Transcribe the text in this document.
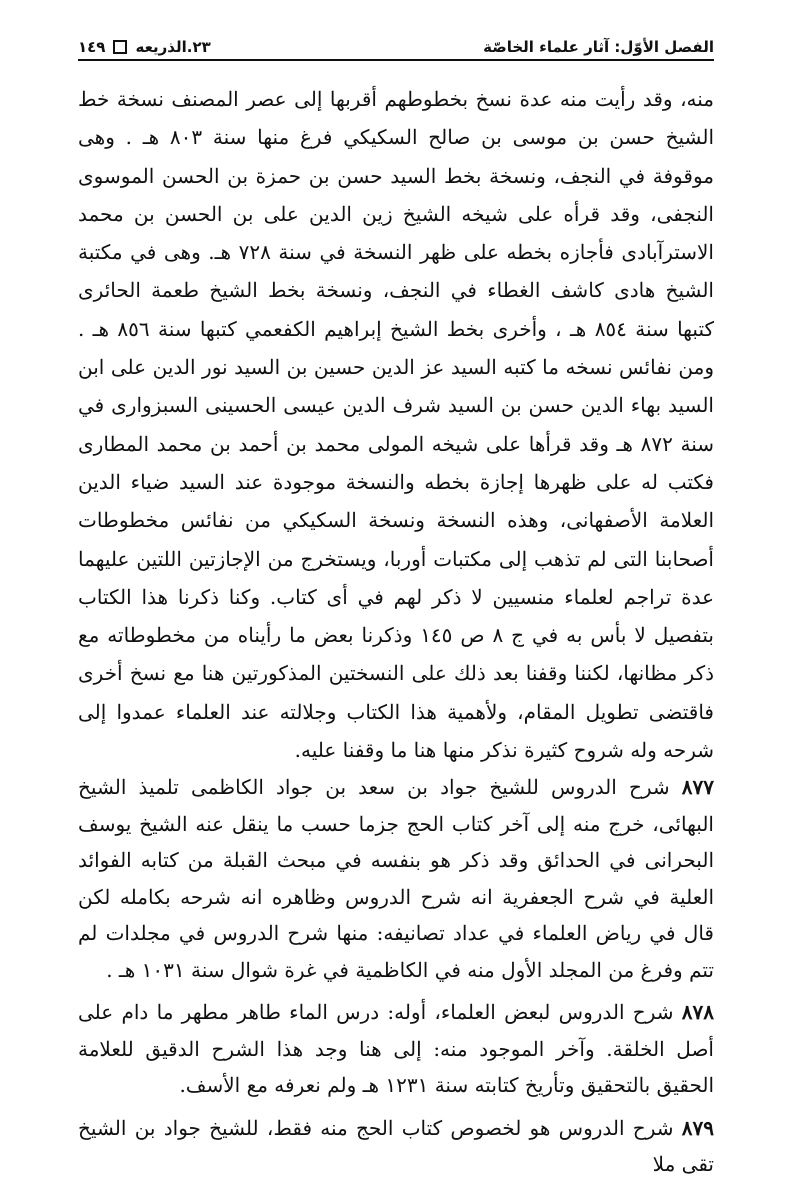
الفصل الأوّل: آثار علماء الخاصّة
٢٣.الذريعه
١٤٩

منه، وقد رأيت منه عدة نسخ بخطوطهم أقربها إلى عصر المصنف نسخة خط الشيخ حسن بن موسى بن صالح السكيكي فرغ منها سنة ٨٠٣ هـ . وهى موقوفة في النجف، ونسخة بخط السيد حسن بن حمزة بن الحسن الموسوى النجفى، وقد قرأه على شيخه الشيخ زين الدين على بن الحسن بن محمد الاسترآبادى فأجازه بخطه على ظهر النسخة في سنة ٧٢٨ هـ. وهى في مكتبة الشيخ هادى كاشف الغطاء في النجف، ونسخة بخط الشيخ طعمة الحائرى كتبها سنة ٨٥٤ هـ ، وأخرى بخط الشيخ إبراهيم الكفعمي كتبها سنة ٨٥٦ هـ . ومن نفائس نسخه ما كتبه السيد عز الدين حسين بن السيد نور الدين على ابن السيد بهاء الدين حسن بن السيد شرف الدين عيسى الحسينى السبزوارى في سنة ٨٧٢ هـ وقد قرأها على شيخه المولى محمد بن أحمد بن محمد المطارى فكتب له على ظهرها إجازة بخطه والنسخة موجودة عند السيد ضياء الدين العلامة الأصفهانى، وهذه النسخة ونسخة السكيكي من نفائس مخطوطات أصحابنا التى لم تذهب إلى مكتبات أوربا، ويستخرج من الإجازتين اللتين عليهما عدة تراجم لعلماء منسيين لا ذكر لهم في أى كتاب. وكنا ذكرنا هذا الكتاب بتفصيل لا بأس به في ج ٨ ص ١٤٥ وذكرنا بعض ما رأيناه من مخطوطاته مع ذكر مظانها، لكننا وقفنا بعد ذلك على النسختين المذكورتين هنا مع نسخ أخرى فاقتضى تطويل المقام، ولأهمية هذا الكتاب وجلالته عند العلماء عمدوا إلى شرحه وله شروح كثيرة نذكر منها هنا ما وقفنا عليه.

٨٧٧ شرح الدروس للشيخ جواد بن سعد بن جواد الكاظمى تلميذ الشيخ البهائى، خرج منه إلى آخر كتاب الحج جزما حسب ما ينقل عنه الشيخ يوسف البحرانى في الحدائق وقد ذكر هو بنفسه في مبحث القبلة من كتابه الفوائد العلية في شرح الجعفرية انه شرح الدروس وظاهره انه شرحه بكامله لكن قال في رياض العلماء في عداد تصانيفه: منها شرح الدروس في مجلدات لم تتم وفرغ من المجلد الأول منه في الكاظمية في غرة شوال سنة ١٠٣١ هـ .

٨٧٨ شرح الدروس لبعض العلماء، أوله: درس الماء طاهر مطهر ما دام على أصل الخلقة. وآخر الموجود منه: إلى هنا وجد هذا الشرح الدقيق للعلامة الحقيق بالتحقيق وتأريخ كتابته سنة ١٢٣١ هـ ولم نعرفه مع الأسف.

٨٧٩ شرح الدروس هو لخصوص كتاب الحج منه فقط، للشيخ جواد بن الشيخ تقى ملا
